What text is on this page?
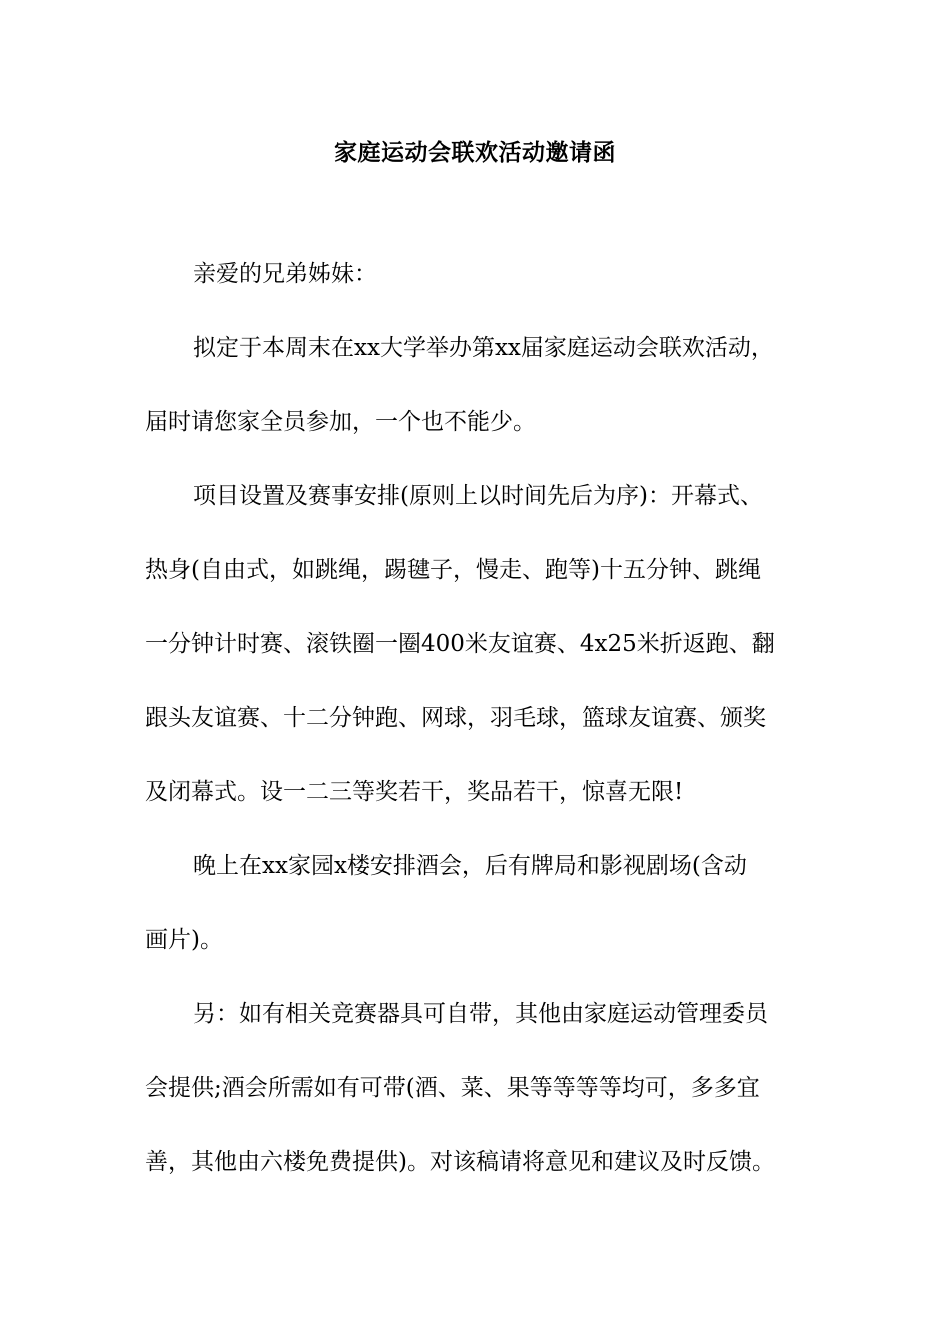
家庭运动会联欢活动邀请函
亲爱的兄弟姊妹：
拟定于本周末在xx大学举办第xx届家庭运动会联欢活动，
届时请您家全员参加，一个也不能少。
项目设置及赛事安排(原则上以时间先后为序)：开幕式、
热身(自由式，如跳绳，踢毽子，慢走、跑等)十五分钟、跳绳
一分钟计时赛、滚铁圈一圈400米友谊赛、4x25米折返跑、翻
跟头友谊赛、十二分钟跑、网球，羽毛球，篮球友谊赛、颁奖
及闭幕式。设一二三等奖若干，奖品若干，惊喜无限!
晚上在xx家园x楼安排酒会，后有牌局和影视剧场(含动
画片)。
另：如有相关竞赛器具可自带，其他由家庭运动管理委员
会提供;酒会所需如有可带(酒、菜、果等等等等均可，多多宜
善，其他由六楼免费提供)。对该稿请将意见和建议及时反馈。
